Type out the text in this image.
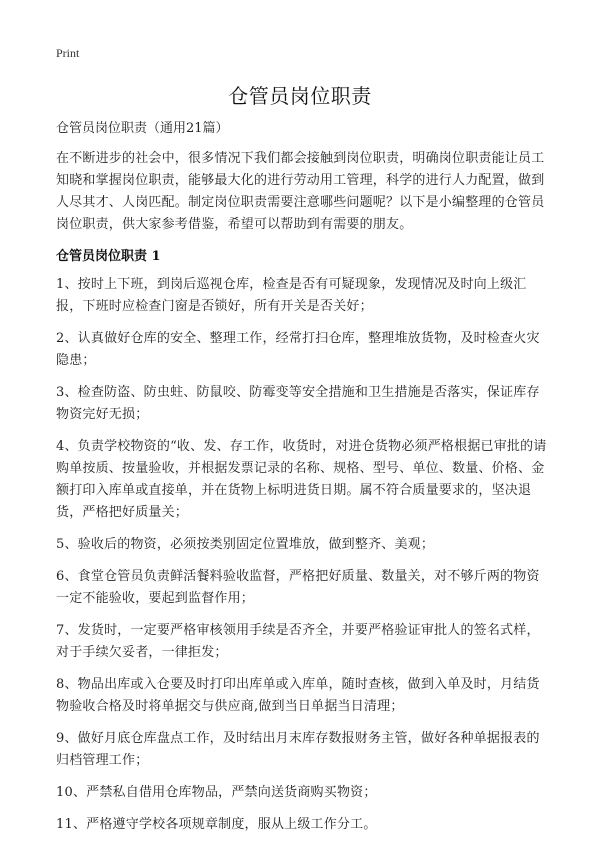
Print
仓管员岗位职责

仓管员岗位职责（通用21篇）

在不断进步的社会中，很多情况下我们都会接触到岗位职责，明确岗位职责能让员工知晓和掌握岗位职责，能够最大化的进行劳动用工管理，科学的进行人力配置，做到人尽其才、人岗匹配。制定岗位职责需要注意哪些问题呢？以下是小编整理的仓管员岗位职责，供大家参考借鉴，希望可以帮助到有需要的朋友。

仓管员岗位职责 1

1、按时上下班，到岗后巡视仓库，检查是否有可疑现象，发现情况及时向上级汇报，下班时应检查门窗是否锁好，所有开关是否关好；

2、认真做好仓库的安全、整理工作，经常打扫仓库，整理堆放货物，及时检查火灾隐患；

3、检查防盗、防虫蛀、防鼠咬、防霉变等安全措施和卫生措施是否落实，保证库存物资完好无损；

4、负责学校物资的“收、发、存工作，收货时，对进仓货物必须严格根据已审批的请购单按质、按量验收，并根据发票记录的名称、规格、型号、单位、数量、价格、金额打印入库单或直接单，并在货物上标明进货日期。属不符合质量要求的，坚决退货，严格把好质量关；

5、验收后的物资，必须按类别固定位置堆放，做到整齐、美观；

6、食堂仓管员负责鲜活餐料验收监督，严格把好质量、数量关，对不够斤两的物资一定不能验收，要起到监督作用；

7、发货时，一定要严格审核领用手续是否齐全，并要严格验证审批人的签名式样，对于手续欠妥者，一律拒发；

8、物品出库或入仓要及时打印出库单或入库单，随时查核，做到入单及时，月结货物验收合格及时将单据交与供应商,做到当日单据当日清理；

9、做好月底仓库盘点工作，及时结出月末库存数报财务主管，做好各种单据报表的归档管理工作；

10、严禁私自借用仓库物品，严禁向送货商购买物资；

11、严格遵守学校各项规章制度，服从上级工作分工。
